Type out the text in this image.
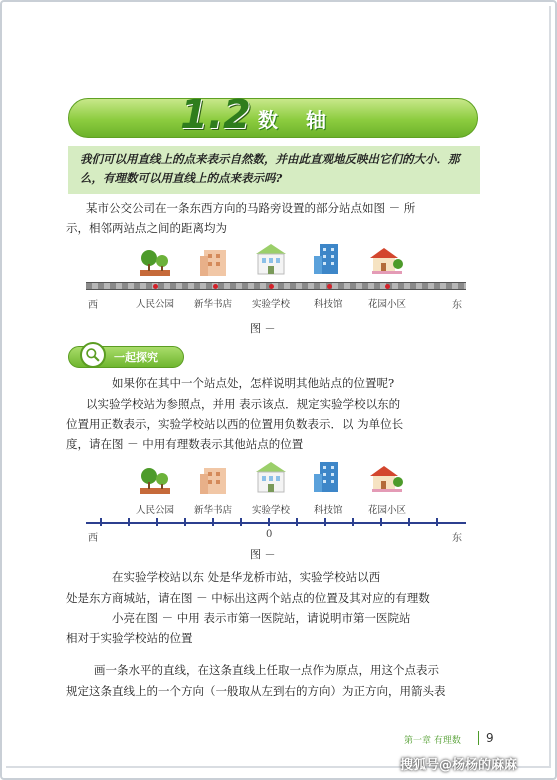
1.2 数轴
我们可以用直线上的点来表示自然数，并由此直观地反映出它们的大小．那么，有理数可以用直线上的点来表示吗?
某市公交公司在一条东西方向的马路旁设置的部分站点如图 － 所
示，相邻两站点之间的距离均为
西	东
人民公园 新华书店 实验学校	科技馆	花园小区
图 －
一起探究
如果你在其中一个站点处，怎样说明其他站点的位置呢?
以实验学校站为参照点，并用 表示该点．规定实验学校以东的
位置用正数表示，实验学校站以西的位置用负数表示．以 为单位长
度，请在图 － 中用有理数表示其他站点的位置
人民公园 新华书店 实验学校	科技馆	花园小区
西	0	东
图 －
在实验学校站以东 处是华龙桥市站，实验学校站以西
处是东方商城站，请在图 － 中标出这两个站点的位置及其对应的有理数
小亮在图 － 中用 表示市第一医院站，请说明市第一医院站
相对于实验学校站的位置
画一条水平的直线，在这条直线上任取一点作为原点，用这个点表示
规定这条直线上的一个方向（一般取从左到右的方向）为正方向，用箭头表
第一章 有理数 9
搜狐号@杨杨的麻麻
